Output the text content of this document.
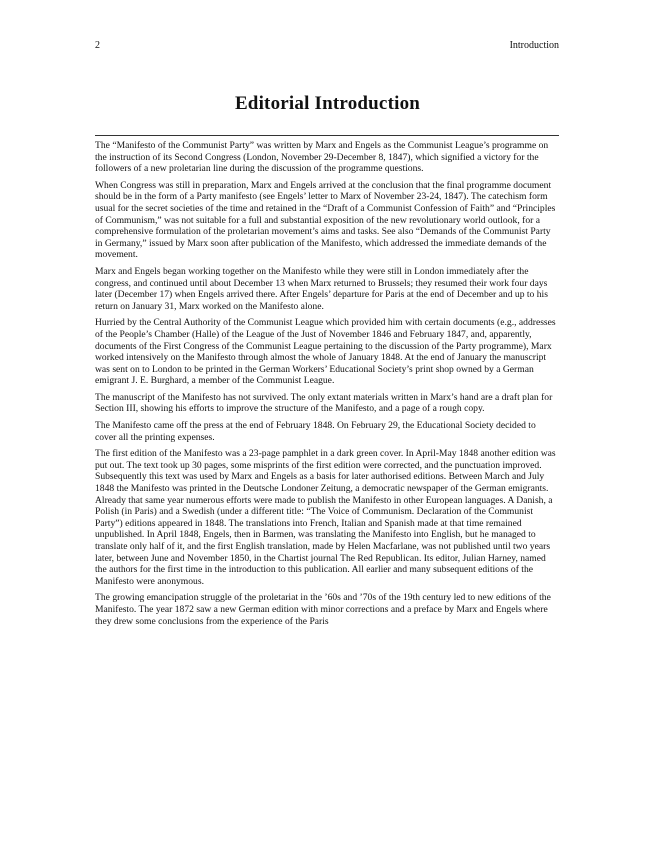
2	Introduction
Editorial Introduction

The “Manifesto of the Communist Party” was written by Marx and Engels as the Communist League’s programme on the instruction of its Second Congress (London, November 29-December 8, 1847), which signified a victory for the followers of a new proletarian line during the discussion of the programme questions.

When Congress was still in preparation, Marx and Engels arrived at the conclusion that the final programme document should be in the form of a Party manifesto (see Engels’ letter to Marx of November 23-24, 1847). The catechism form usual for the secret societies of the time and retained in the “Draft of a Communist Confession of Faith” and “Principles of Communism,” was not suitable for a full and substantial exposition of the new revolutionary world outlook, for a comprehensive formulation of the proletarian movement’s aims and tasks. See also “Demands of the Communist Party in Germany,” issued by Marx soon after publication of the Manifesto, which addressed the immediate demands of the movement.

Marx and Engels began working together on the Manifesto while they were still in London immediately after the congress, and continued until about December 13 when Marx returned to Brussels; they resumed their work four days later (December 17) when Engels arrived there. After Engels’ departure for Paris at the end of December and up to his return on January 31, Marx worked on the Manifesto alone.

Hurried by the Central Authority of the Communist League which provided him with certain documents (e.g., addresses of the People’s Chamber (Halle) of the League of the Just of November 1846 and February 1847, and, apparently, documents of the First Congress of the Communist League pertaining to the discussion of the Party programme), Marx worked intensively on the Manifesto through almost the whole of January 1848. At the end of January the manuscript was sent on to London to be printed in the German Workers’ Educational Society’s print shop owned by a German emigrant J. E. Burghard, a member of the Communist League.

The manuscript of the Manifesto has not survived. The only extant materials written in Marx’s hand are a draft plan for Section III, showing his efforts to improve the structure of the Manifesto, and a page of a rough copy.

The Manifesto came off the press at the end of February 1848. On February 29, the Educational Society decided to cover all the printing expenses.

The first edition of the Manifesto was a 23-page pamphlet in a dark green cover. In April-May 1848 another edition was put out. The text took up 30 pages, some misprints of the first edition were corrected, and the punctuation improved. Subsequently this text was used by Marx and Engels as a basis for later authorised editions. Between March and July 1848 the Manifesto was printed in the Deutsche Londoner Zeitung, a democratic newspaper of the German emigrants. Already that same year numerous efforts were made to publish the Manifesto in other European languages. A Danish, a Polish (in Paris) and a Swedish (under a different title: “The Voice of Communism. Declaration of the Communist Party”) editions appeared in 1848. The translations into French, Italian and Spanish made at that time remained unpublished. In April 1848, Engels, then in Barmen, was translating the Manifesto into English, but he managed to translate only half of it, and the first English translation, made by Helen Macfarlane, was not published until two years later, between June and November 1850, in the Chartist journal The Red Republican. Its editor, Julian Harney, named the authors for the first time in the introduction to this publication. All earlier and many subsequent editions of the Manifesto were anonymous.

The growing emancipation struggle of the proletariat in the ’60s and ’70s of the 19th century led to new editions of the Manifesto. The year 1872 saw a new German edition with minor corrections and a preface by Marx and Engels where they drew some conclusions from the experience of the Paris
